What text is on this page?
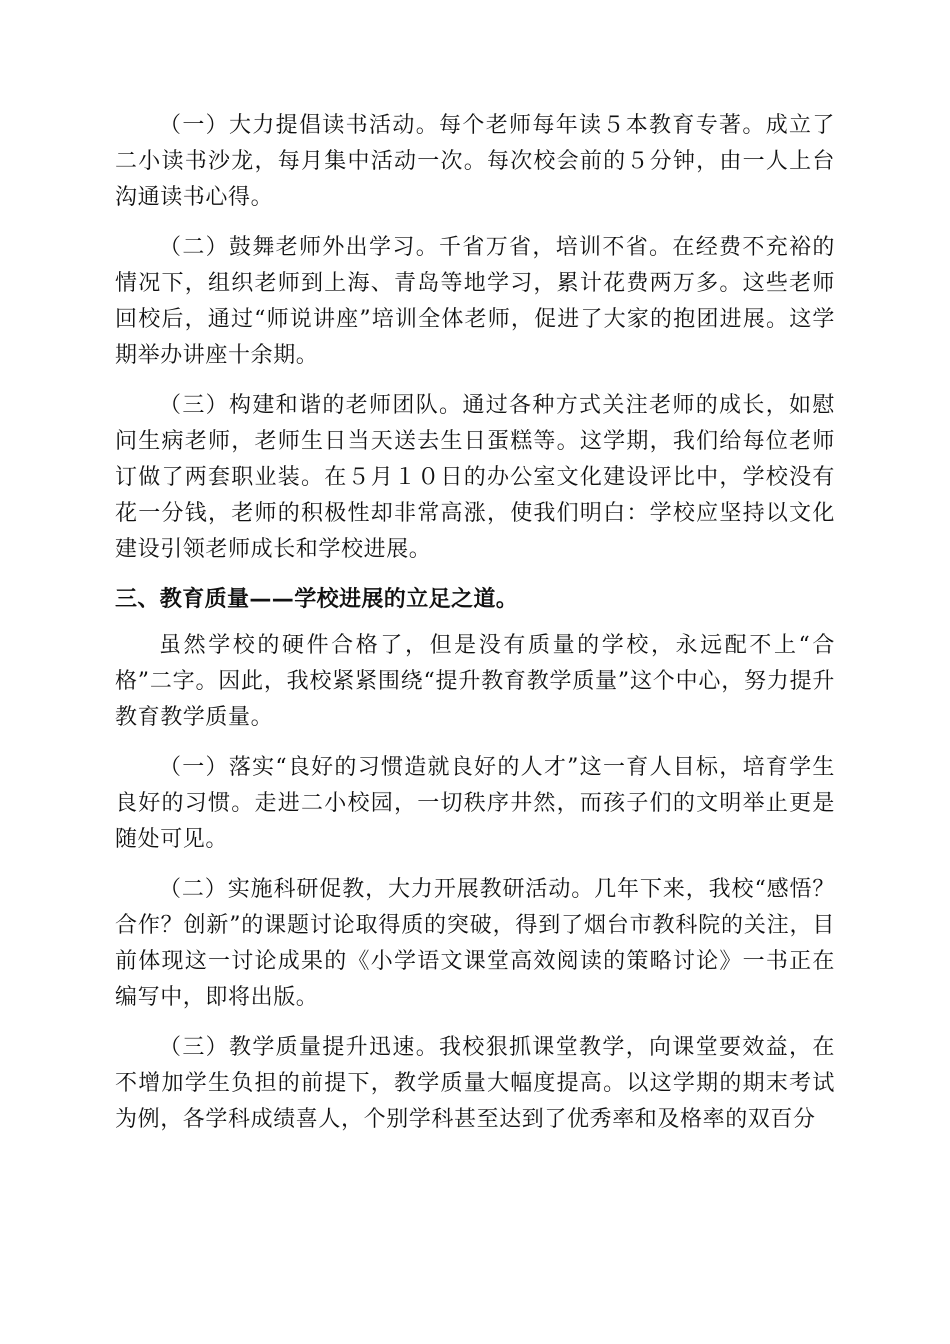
（一）大力提倡读书活动。每个老师每年读５本教育专著。成立了二小读书沙龙，每月集中活动一次。每次校会前的５分钟，由一人上台沟通读书心得。

（二）鼓舞老师外出学习。千省万省，培训不省。在经费不充裕的情况下，组织老师到上海、青岛等地学习，累计花费两万多。这些老师回校后，通过“师说讲座”培训全体老师，促进了大家的抱团进展。这学期举办讲座十余期。

（三）构建和谐的老师团队。通过各种方式关注老师的成长，如慰问生病老师，老师生日当天送去生日蛋糕等。这学期，我们给每位老师订做了两套职业装。在５月１０日的办公室文化建设评比中，学校没有花一分钱，老师的积极性却非常高涨，使我们明白：学校应坚持以文化建设引领老师成长和学校进展。

三、教育质量——学校进展的立足之道。

虽然学校的硬件合格了，但是没有质量的学校，永远配不上“合格”二字。因此，我校紧紧围绕“提升教育教学质量”这个中心，努力提升教育教学质量。

（一）落实“良好的习惯造就良好的人才”这一育人目标，培育学生良好的习惯。走进二小校园，一切秩序井然，而孩子们的文明举止更是随处可见。

（二）实施科研促教，大力开展教研活动。几年下来，我校“感悟？合作？创新”的课题讨论取得质的突破，得到了烟台市教科院的关注，目前体现这一讨论成果的《小学语文课堂高效阅读的策略讨论》一书正在编写中，即将出版。

（三）教学质量提升迅速。我校狠抓课堂教学，向课堂要效益，在不增加学生负担的前提下，教学质量大幅度提高。以这学期的期末考试为例，各学科成绩喜人，个别学科甚至达到了优秀率和及格率的双百分
